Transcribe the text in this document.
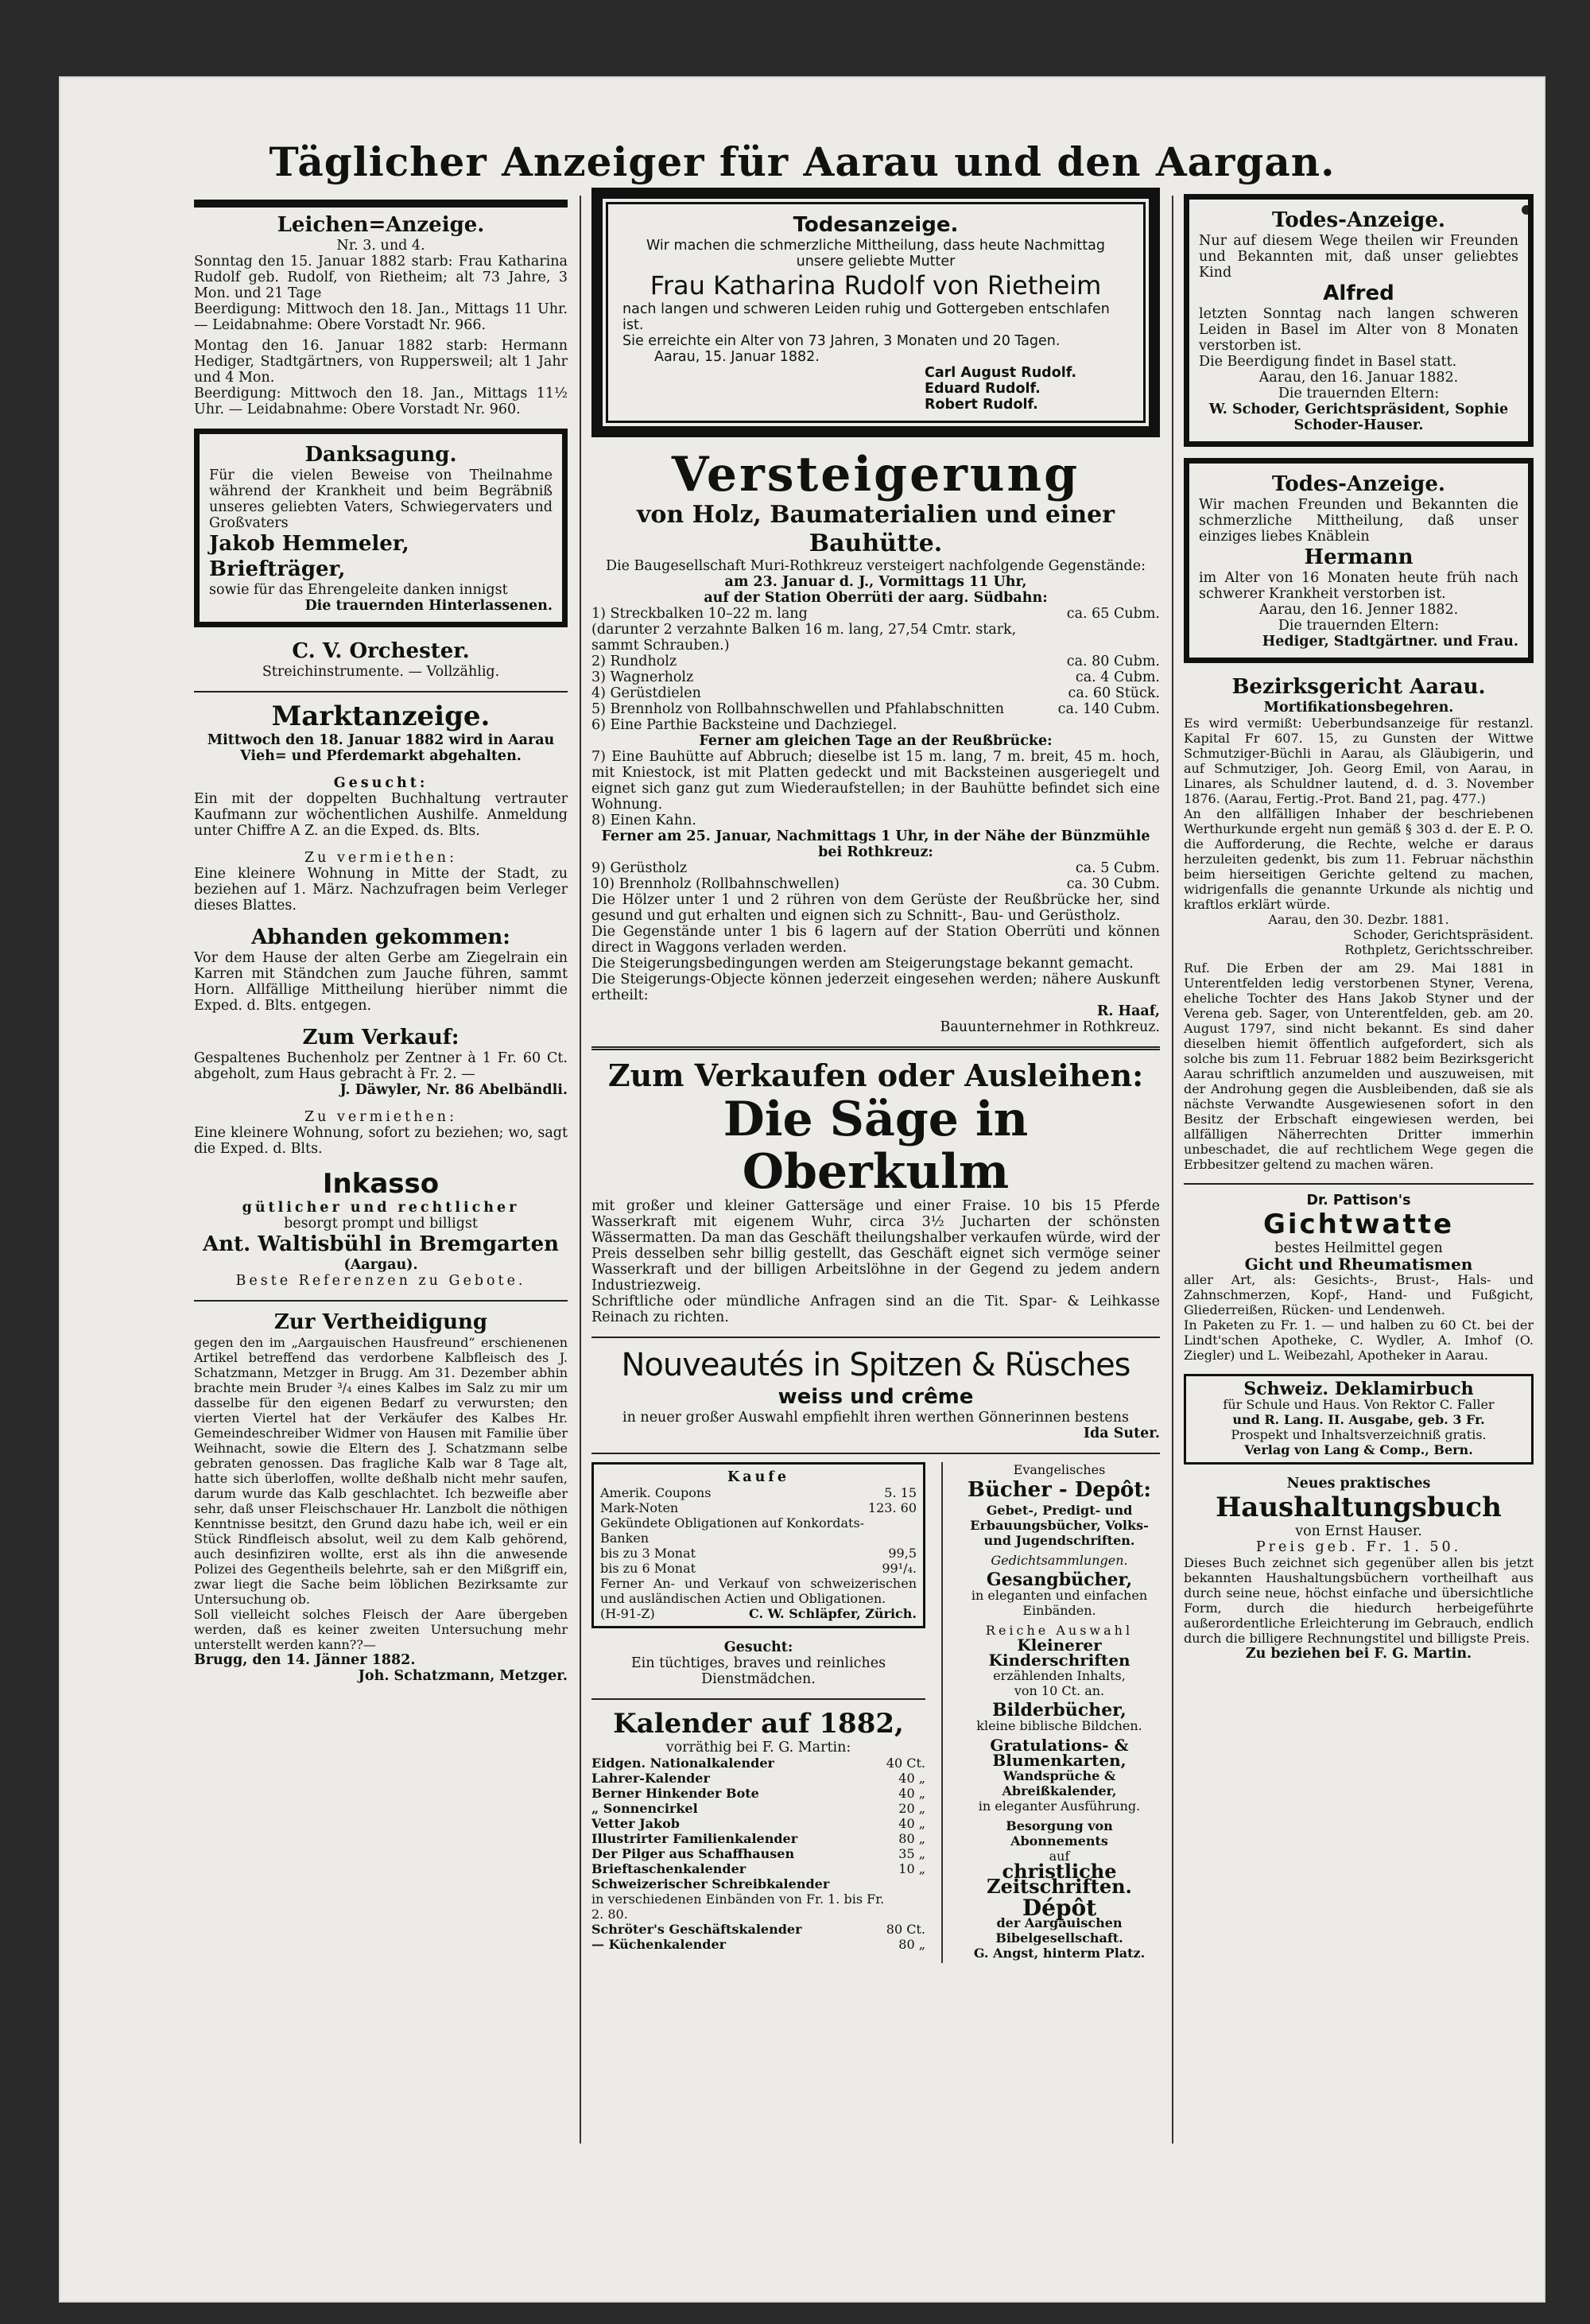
Täglicher Anzeiger für Aarau und den Aargan.
Leichen=Anzeige.
Nr. 3. und 4.
Sonntag den 15. Januar 1882 starb: Frau Katharina Rudolf geb. Rudolf, von Rietheim; alt 73 Jahre, 3 Mon. und 21 Tage
Beerdigung: Mittwoch den 18. Jan., Mittags 11 Uhr. — Leidabnahme: Obere Vorstadt Nr. 966.
Montag den 16. Januar 1882 starb: Hermann Hediger, Stadtgärtners, von Ruppersweil; alt 1 Jahr und 4 Mon.
Beerdigung: Mittwoch den 18. Jan., Mittags 11½ Uhr. — Leidabnahme: Obere Vorstadt Nr. 960.
Danksagung.
Für die vielen Beweise von Theilnahme während der Krankheit und beim Begräbniß unseres geliebten Vaters, Schwiegervaters und Großvaters
Jakob Hemmeler, Briefträger,
sowie für das Ehrengeleite danken innigst
Die trauernden Hinterlassenen.
C. V. Orchester.
Streichinstrumente. — Vollzählig.
Marktanzeige.
Mittwoch den 18. Januar 1882 wird in Aarau Vieh= und Pferdemarkt abgehalten.
Gesucht:
Ein mit der doppelten Buchhaltung vertrauter Kaufmann zur wöchentlichen Aushilfe. Anmeldung unter Chiffre A Z. an die Exped. ds. Blts.
Zu vermiethen:
Eine kleinere Wohnung in Mitte der Stadt, zu beziehen auf 1. März. Nachzufragen beim Verleger dieses Blattes.
Abhanden gekommen:
Vor dem Hause der alten Gerbe am Ziegelrain ein Karren mit Ständchen zum Jauche führen, sammt Horn. Allfällige Mittheilung hierüber nimmt die Exped. d. Blts. entgegen.
Zum Verkauf:
Gespaltenes Buchenholz per Zentner à 1 Fr. 60 Ct. abgeholt, zum Haus gebracht à Fr. 2. —
J. Däwyler, Nr. 86 Abelbändli.
Zu vermiethen:
Eine kleinere Wohnung, sofort zu beziehen; wo, sagt die Exped. d. Blts.
Inkasso
gütlicher und rechtlicher
besorgt prompt und billigst
Ant. Waltisbühl in Bremgarten
(Aargau).
Beste Referenzen zu Gebote.
Zur Vertheidigung
gegen den im „Aargauischen Hausfreund“ erschienenen Artikel betreffend das verdorbene Kalbfleisch des J. Schatzmann, Metzger in Brugg. Am 31. Dezember abhin brachte mein Bruder ³/₄ eines Kalbes im Salz zu mir um dasselbe für den eigenen Bedarf zu verwursten; den vierten Viertel hat der Verkäufer des Kalbes Hr. Gemeindeschreiber Widmer von Hausen mit Familie über Weihnacht, sowie die Eltern des J. Schatzmann selbe gebraten genossen. Das fragliche Kalb war 8 Tage alt, hatte sich überloffen, wollte deßhalb nicht mehr saufen, darum wurde das Kalb geschlachtet. Ich bezweifle aber sehr, daß unser Fleischschauer Hr. Lanzbolt die nöthigen Kenntnisse besitzt, den Grund dazu habe ich, weil er ein Stück Rindfleisch absolut, weil zu dem Kalb gehörend, auch desinfiziren wollte, erst als ihn die anwesende Polizei des Gegentheils belehrte, sah er den Mißgriff ein, zwar liegt die Sache beim löblichen Bezirksamte zur Untersuchung ob.
Soll vielleicht solches Fleisch der Aare übergeben werden, daß es keiner zweiten Untersuchung mehr unterstellt werden kann??—
Brugg, den 14. Jänner 1882.
Joh. Schatzmann, Metzger.
Todesanzeige.
Wir machen die schmerzliche Mittheilung, dass heute Nachmittag unsere geliebte Mutter
Frau Katharina Rudolf von Rietheim
nach langen und schweren Leiden ruhig und Gottergeben entschlafen ist.
Sie erreichte ein Alter von 73 Jahren, 3 Monaten und 20 Tagen.
Aarau, 15. Januar 1882.
Carl August Rudolf.
Eduard Rudolf.
Robert Rudolf.
Versteigerung
von Holz, Baumaterialien und einer Bauhütte.
Die Baugesellschaft Muri-Rothkreuz versteigert nachfolgende Gegenstände:
am 23. Januar d. J., Vormittags 11 Uhr,
auf der Station Oberrüti der aarg. Südbahn:
1) Streckbalken 10–22 m. lang	ca. 65 Cubm.
(darunter 2 verzahnte Balken 16 m. lang, 27,54 Cmtr. stark, sammt Schrauben.)	
2) Rundholz	ca. 80 Cubm.
3) Wagnerholz	ca. 4 Cubm.
4) Gerüstdielen	ca. 60 Stück.
5) Brennholz von Rollbahnschwellen und Pfahlabschnitten	ca. 140 Cubm.
6) Eine Parthie Backsteine und Dachziegel.	
Ferner am gleichen Tage an der Reußbrücke:
7) Eine Bauhütte auf Abbruch; dieselbe ist 15 m. lang, 7 m. breit, 45 m. hoch, mit Kniestock, ist mit Platten gedeckt und mit Backsteinen ausgeriegelt und eignet sich ganz gut zum Wiederaufstellen; in der Bauhütte befindet sich eine Wohnung.
8) Einen Kahn.
Ferner am 25. Januar, Nachmittags 1 Uhr, in der Nähe der Bünzmühle bei Rothkreuz:
9) Gerüstholz	ca. 5 Cubm.
10) Brennholz (Rollbahnschwellen)	ca. 30 Cubm.
Die Hölzer unter 1 und 2 rühren von dem Gerüste der Reußbrücke her, sind gesund und gut erhalten und eignen sich zu Schnitt-, Bau- und Gerüstholz.
Die Gegenstände unter 1 bis 6 lagern auf der Station Oberrüti und können direct in Waggons verladen werden.
Die Steigerungsbedingungen werden am Steigerungstage bekannt gemacht.
Die Steigerungs-Objecte können jederzeit eingesehen werden; nähere Auskunft ertheilt:
R. Haaf,
Bauunternehmer in Rothkreuz.
Zum Verkaufen oder Ausleihen:
Die Säge in Oberkulm
mit großer und kleiner Gattersäge und einer Fraise. 10 bis 15 Pferde Wasserkraft mit eigenem Wuhr, circa 3½ Jucharten der schönsten Wässermatten. Da man das Geschäft theilungshalber verkaufen würde, wird der Preis desselben sehr billig gestellt, das Geschäft eignet sich vermöge seiner Wasserkraft und der billigen Arbeitslöhne in der Gegend zu jedem andern Industriezweig.
Schriftliche oder mündliche Anfragen sind an die Tit. Spar- & Leihkasse Reinach zu richten.
Nouveautés in Spitzen & Rüsches
weiss und crême
in neuer großer Auswahl empfiehlt ihren werthen Gönnerinnen bestens
Ida Suter.
Kaufe
Amerik. Coupons	5. 15
Mark-Noten	123. 60
Gekündete Obligationen auf Konkordats-Banken	
bis zu 3 Monat	99,5
bis zu 6 Monat	99¹/₄.
Ferner An- und Verkauf von schweizerischen und ausländischen Actien und Obligationen.
(H-91-Z)	C. W. Schläpfer, Zürich.
Gesucht:
Ein tüchtiges, braves und reinliches Dienstmädchen.
Kalender auf 1882,
vorräthig bei F. G. Martin:
Eidgen. Nationalkalender	40 Ct.
Lahrer-Kalender	40 „
Berner Hinkender Bote	40 „
„ Sonnencirkel	20 „
Vetter Jakob	40 „
Illustrirter Familienkalender	80 „
Der Pilger aus Schaffhausen	35 „
Brieftaschenkalender	10 „
Schweizerischer Schreibkalender	
in verschiedenen Einbänden von Fr. 1. bis Fr. 2. 80.	
Schröter's Geschäftskalender	80 Ct.
— Küchenkalender	80 „
Evangelisches
Bücher - Depôt:
Gebet-, Predigt- und Erbauungsbücher, Volks- und Jugendschriften.
Gedichtsammlungen.
Gesangbücher,
in eleganten und einfachen Einbänden.
Reiche Auswahl
Kleinerer Kinderschriften
erzählenden Inhalts,
von 10 Ct. an.
Bilderbücher,
kleine biblische Bildchen.
Gratulations- & Blumenkarten,
Wandsprüche & Abreißkalender,
in eleganter Ausführung.
Besorgung von Abonnements
auf
christliche Zeitschriften.
Dépôt
der Aargauischen Bibelgesellschaft.
G. Angst, hinterm Platz.
Todes-Anzeige.
Nur auf diesem Wege theilen wir Freunden und Bekannten mit, daß unser geliebtes Kind
Alfred
letzten Sonntag nach langen schweren Leiden in Basel im Alter von 8 Monaten verstorben ist.
Die Beerdigung findet in Basel statt.
Aarau, den 16. Januar 1882.
Die trauernden Eltern:
W. Schoder, Gerichtspräsident, Sophie Schoder-Hauser.
Todes-Anzeige.
Wir machen Freunden und Bekannten die schmerzliche Mittheilung, daß unser einziges liebes Knäblein
Hermann
im Alter von 16 Monaten heute früh nach schwerer Krankheit verstorben ist.
Aarau, den 16. Jenner 1882.
Die trauernden Eltern:
Hediger, Stadtgärtner. und Frau.
Bezirksgericht Aarau.
Mortifikationsbegehren.
Es wird vermißt: Ueberbundsanzeige für restanzl. Kapital Fr 607. 15, zu Gunsten der Wittwe Schmutziger-Büchli in Aarau, als Gläubigerin, und auf Schmutziger, Joh. Georg Emil, von Aarau, in Linares, als Schuldner lautend, d. d. 3. November 1876. (Aarau, Fertig.-Prot. Band 21, pag. 477.)
An den allfälligen Inhaber der beschriebenen Werthurkunde ergeht nun gemäß § 303 d. der E. P. O. die Aufforderung, die Rechte, welche er daraus herzuleiten gedenkt, bis zum 11. Februar nächsthin beim hierseitigen Gerichte geltend zu machen, widrigenfalls die genannte Urkunde als nichtig und kraftlos erklärt würde.
Aarau, den 30. Dezbr. 1881.
Schoder, Gerichtspräsident.
Rothpletz, Gerichtsschreiber.
Ruf. Die Erben der am 29. Mai 1881 in Unterentfelden ledig verstorbenen Styner, Verena, eheliche Tochter des Hans Jakob Styner und der Verena geb. Sager, von Unterentfelden, geb. am 20. August 1797, sind nicht bekannt. Es sind daher dieselben hiemit öffentlich aufgefordert, sich als solche bis zum 11. Februar 1882 beim Bezirksgericht Aarau schriftlich anzumelden und auszuweisen, mit der Androhung gegen die Ausbleibenden, daß sie als nächste Verwandte Ausgewiesenen sofort in den Besitz der Erbschaft eingewiesen werden, bei allfälligen Näherrechten Dritter immerhin unbeschadet, die auf rechtlichem Wege gegen die Erbbesitzer geltend zu machen wären.
Dr. Pattison's
Gichtwatte
bestes Heilmittel gegen
Gicht und Rheumatismen
aller Art, als: Gesichts-, Brust-, Hals- und Zahnschmerzen, Kopf-, Hand- und Fußgicht, Gliederreißen, Rücken- und Lendenweh.
In Paketen zu Fr. 1. — und halben zu 60 Ct. bei der Lindt'schen Apotheke, C. Wydler, A. Imhof (O. Ziegler) und L. Weibezahl, Apotheker in Aarau.
Schweiz. Deklamirbuch
für Schule und Haus. Von Rektor C. Faller
und R. Lang. II. Ausgabe, geb. 3 Fr.
Prospekt und Inhaltsverzeichniß gratis.
Verlag von Lang & Comp., Bern.
Neues praktisches
Haushaltungsbuch
von Ernst Hauser.
Preis geb. Fr. 1. 50.
Dieses Buch zeichnet sich gegenüber allen bis jetzt bekannten Haushaltungsbüchern vortheilhaft aus durch seine neue, höchst einfache und übersichtliche Form, durch die hiedurch herbeigeführte außerordentliche Erleichterung im Gebrauch, endlich durch die billigere Rechnungstitel und billigste Preis.
Zu beziehen bei F. G. Martin.
